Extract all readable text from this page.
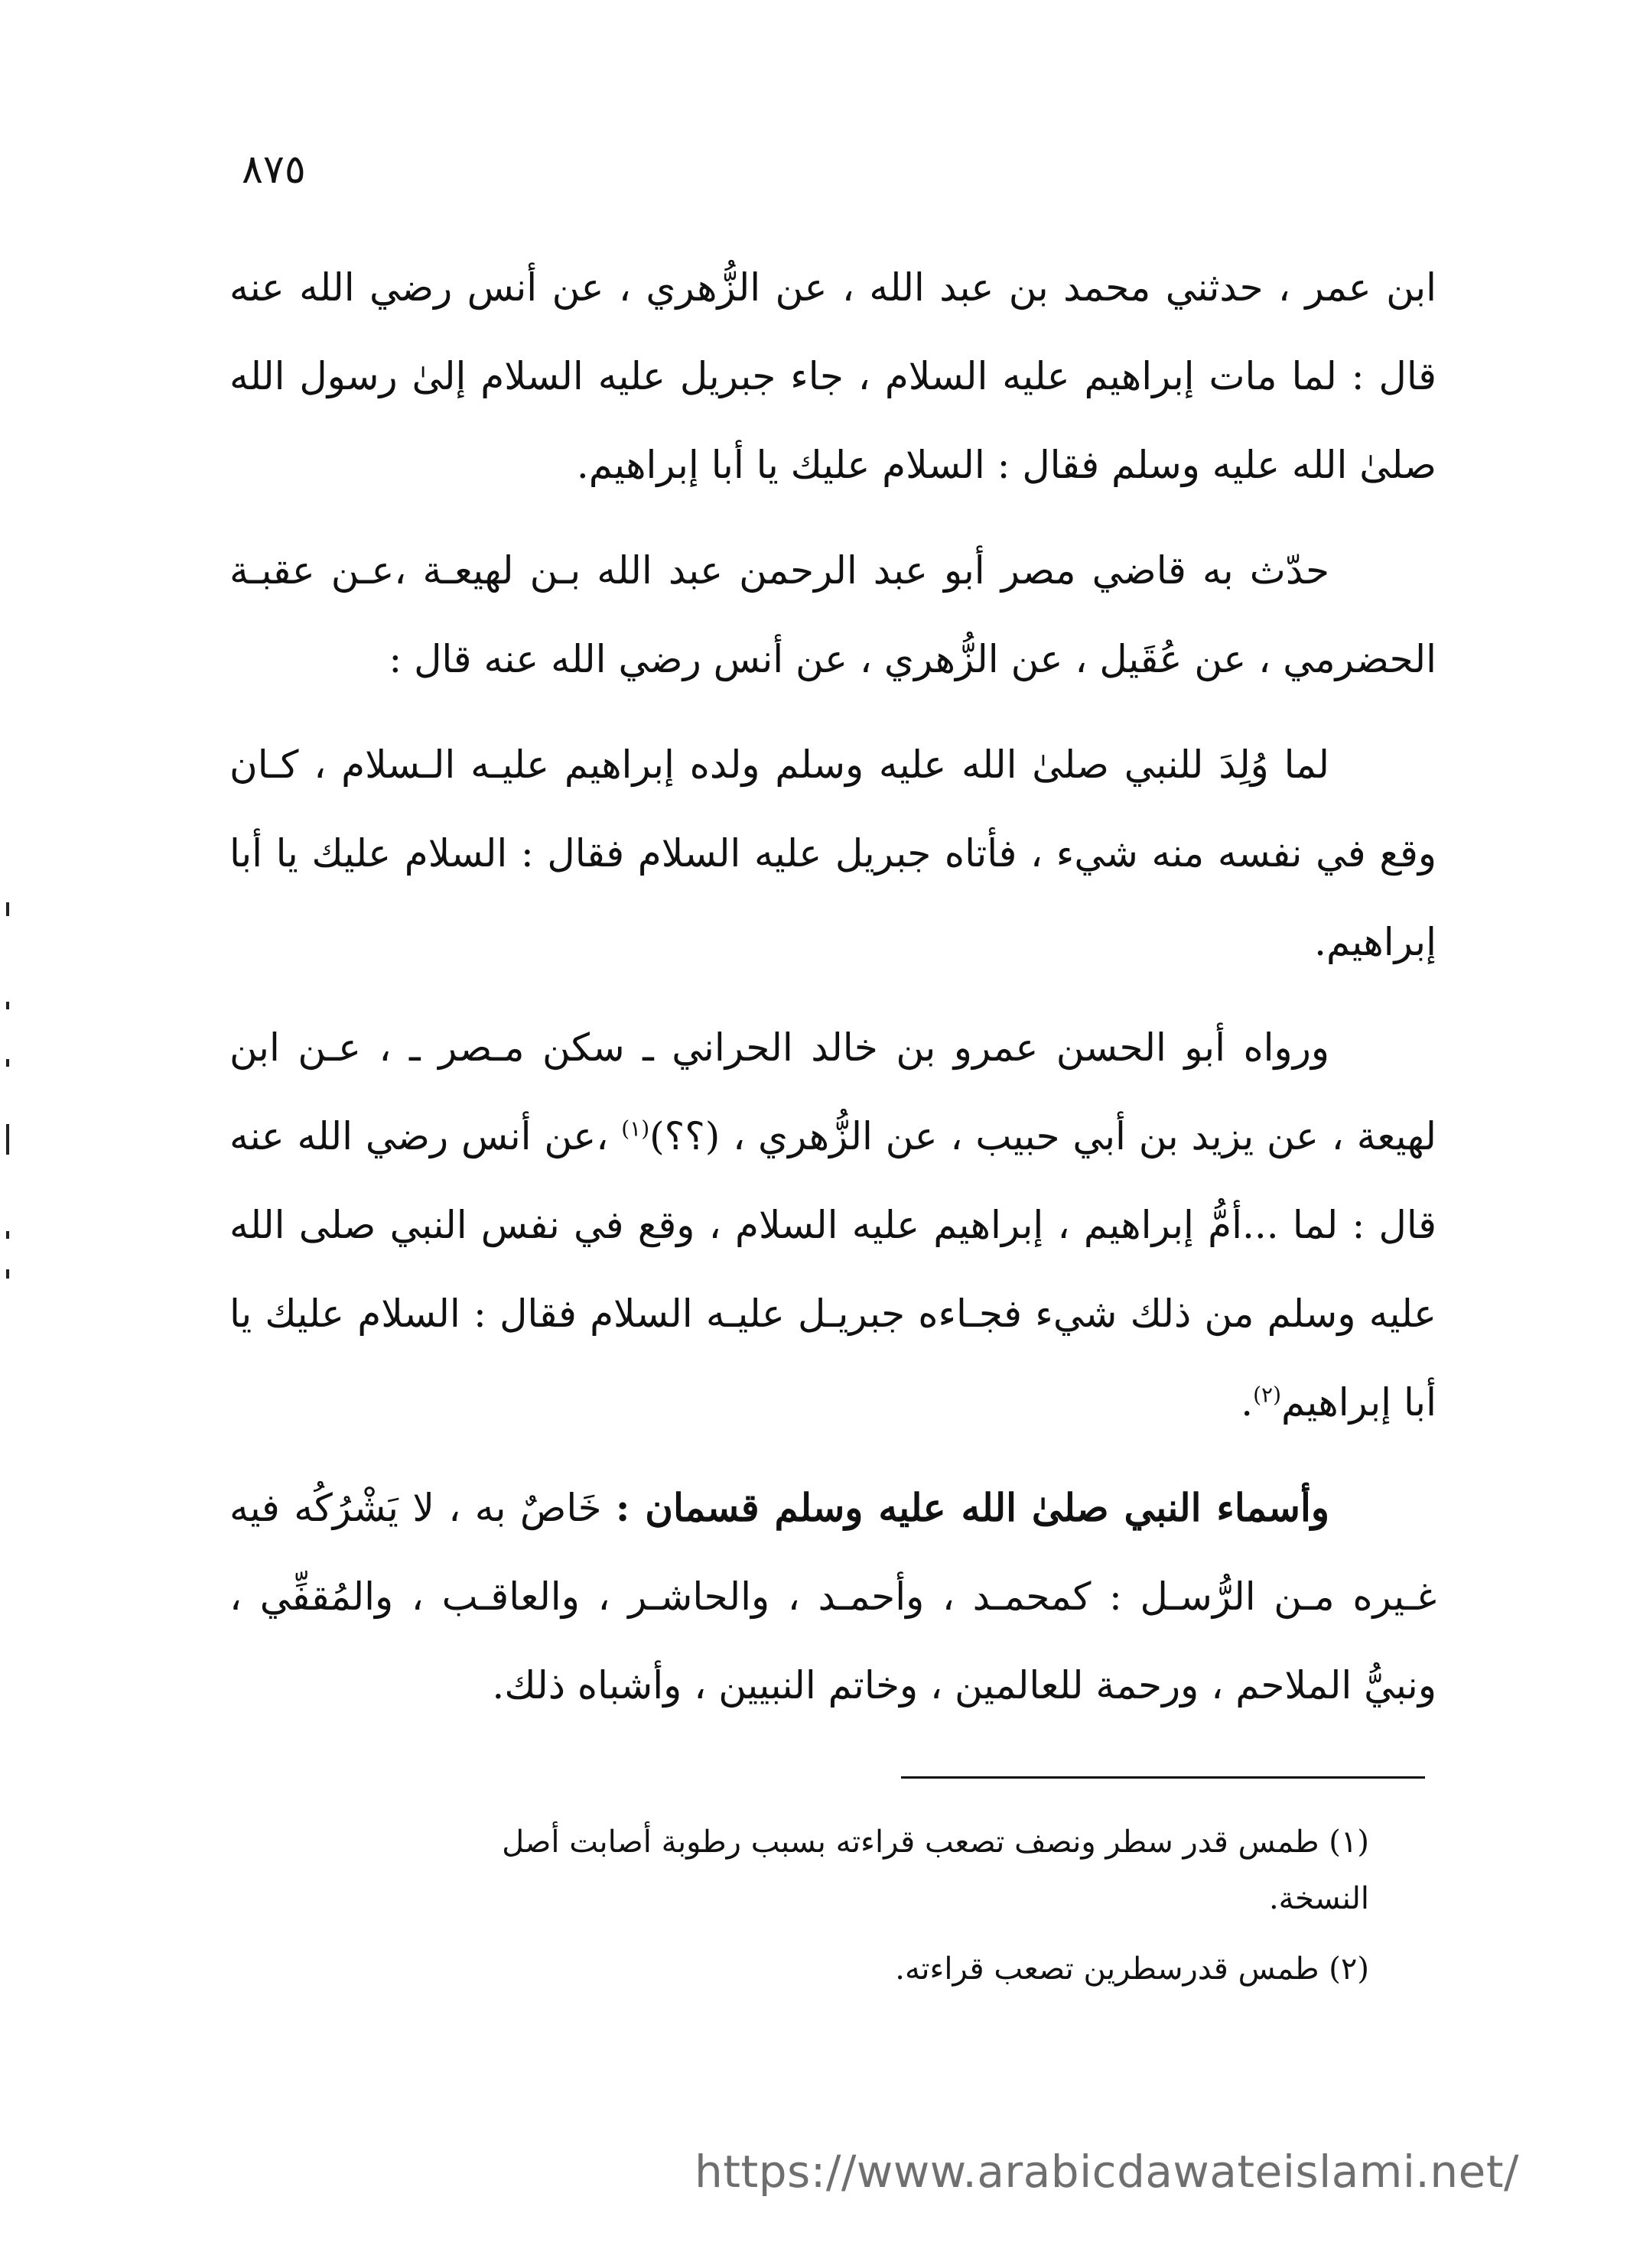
٨٧٥

ابن عمر ، حدثني محمد بن عبد الله ، عن الزُّهري ، عن أنس رضي الله عنه قال : لما مات إبراهيم عليه السلام ، جاء جبريل عليه السلام إلىٰ رسول الله صلىٰ الله عليه وسلم فقال : السلام عليك يا أبا إبراهيم.

حدّث به قاضي مصر أبو عبد الرحمن عبد الله بـن لهيعـة ،عـن عقبـة الحضرمي ، عن عُقَيل ، عن الزُّهري ، عن أنس رضي الله عنه قال :

لما وُلِدَ للنبي صلىٰ الله عليه وسلم ولده إبراهيم عليـه الـسلام ، كـان وقع في نفسه منه شيء ، فأتاه جبريل عليه السلام فقال : السلام عليك يا أبا إبراهيم.

ورواه أبو الحسن عمرو بن خالد الحراني ـ سكن مـصر ـ ، عـن ابن لهيعة ، عن يزيد بن أبي حبيب ، عن الزُّهري ، (؟؟)$^{(١)}$ ،عن أنس رضي الله عنه قال : لما ...أمُّ إبراهيم ، إبراهيم عليه السلام ، وقع في نفس النبي صلى الله عليه وسلم من ذلك شيء فجـاءه جبريـل عليـه السلام فقال : السلام عليك يا أبا إبراهيم$^{(٢)}$.

وأسماء النبي صلىٰ الله عليه وسلم قسمان : خَاصٌ به ، لا يَشْرُكُه فيه غـيره مـن الرُّسـل : كمحمـد ، وأحمـد ، والحاشـر ، والعاقـب ، والمُقفِّي ، ونبيُّ الملاحم ، ورحمة للعالمين ، وخاتم النبيين ، وأشباه ذلك.

(١) طمس قدر سطر ونصف تصعب قراءته بسبب رطوبة أصابت أصل النسخة.

(٢) طمس قدرسطرين تصعب قراءته.

https://www.arabicdawateislami.net/
